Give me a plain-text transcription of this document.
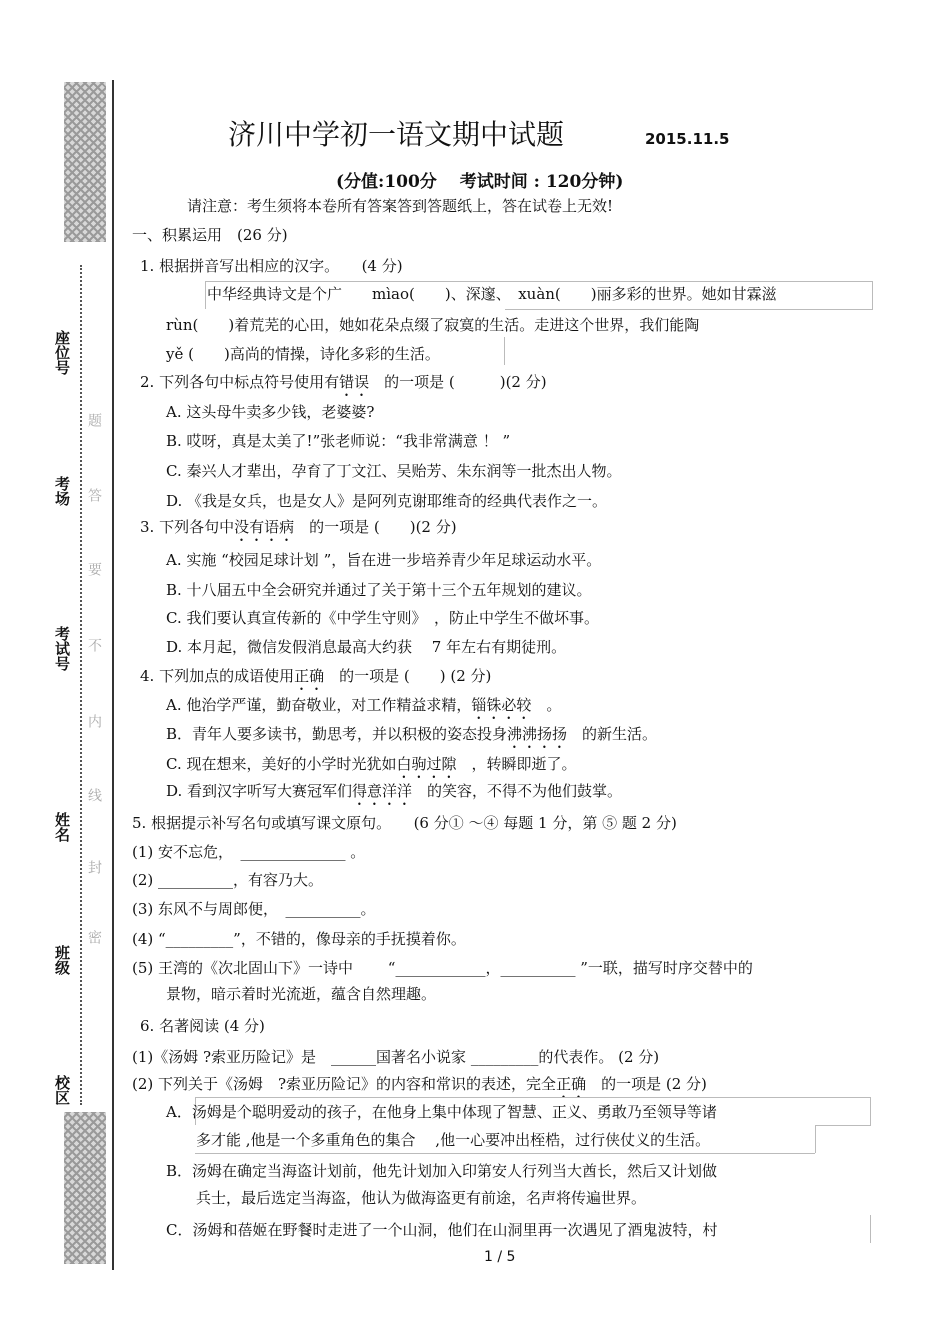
座位号
考场
考试号
姓名
班级
校区
题
答
要
不
内
线
封
密
济川中学初一语文期中试题	2015.11.5
(分值:100分　 考试时间 : 120分钟)
请注意：考生须将本卷所有答案答到答题纸上，答在试卷上无效!
一、积累运用　(26 分)
1. 根据拼音写出相应的汉字。　　(4 分)
中华经典诗文是个广　　mìao(　　)、深邃、　xuàn(　　)丽多彩的世界。她如甘霖滋
rùn(　　)着荒芜的心田，她如花朵点缀了寂寞的生活。走进这个世界，我们能陶
yě (　　)高尚的情操，诗化多彩的生活。
2. 下列各句中标点符号使用有错误　的一项是 (　　　)(2 分)
A. 这头母牛卖多少钱，老婆婆?
B. 哎呀，真是太美了!”张老师说：“我非常满意 ！ ”
C. 秦兴人才辈出，孕育了丁文江、吴贻芳、朱东润等一批杰出人物。
D. 《我是女兵，也是女人》是阿列克谢耶维奇的经典代表作之一。
3. 下列各句中没有语病　的一项是 (　　)(2 分)
A. 实施 “校园足球计划 ”，旨在进一步培养青少年足球运动水平。
B. 十八届五中全会研究并通过了关于第十三个五年规划的建议。
C. 我们要认真宣传新的《中学生守则》　，防止中学生不做坏事。
D. 本月起，微信发假消息最高大约获　 7 年左右有期徒刑。
4. 下列加点的成语使用正确　的一项是 (　　) (2 分)
A. 他治学严谨，勤奋敬业，对工作精益求精，锱铢必较　。
B．青年人要多读书，勤思考，并以积极的姿态投身沸沸扬扬　的新生活。
C. 现在想来，美好的小学时光犹如白驹过隙　，转瞬即逝了。
D. 看到汉字听写大赛冠军们得意洋洋　的笑容，不得不为他们鼓掌。
5. 根据提示补写名句或填写课文原句。　　(6 分① ～④ 每题 1 分，第 ⑤ 题 2 分)
(1) 安不忘危，　______________ 。
(2) __________，有容乃大。
(3) 东风不与周郎便，　__________。
(4) “_________”，不错的，像母亲的手抚摸着你。
(5) 王湾的《次北固山下》一诗中　　 “____________，__________ ”一联，描写时序交替中的
景物，暗示着时光流逝，蕴含自然理趣。
6. 名著阅读 (4 分)
(1)《汤姆 ?索亚历险记》是　______国著名小说家 _________的代表作。 (2 分)
(2) 下列关于《汤姆　?索亚历险记》的内容和常识的表述，完全正确　的一项是 (2 分)
A．汤姆是个聪明爱动的孩子，在他身上集中体现了智慧、正义、勇敢乃至领导等诸
多才能 ,他是一个多重角色的集合　 ,他一心要冲出桎梏，过行侠仗义的生活。
B．汤姆在确定当海盗计划前，他先计划加入印第安人行列当大酋长，然后又计划做
兵士，最后选定当海盗，他认为做海盗更有前途，名声将传遍世界。
C．汤姆和蓓姬在野餐时走进了一个山洞，他们在山洞里再一次遇见了酒鬼波特，村
1 / 5
